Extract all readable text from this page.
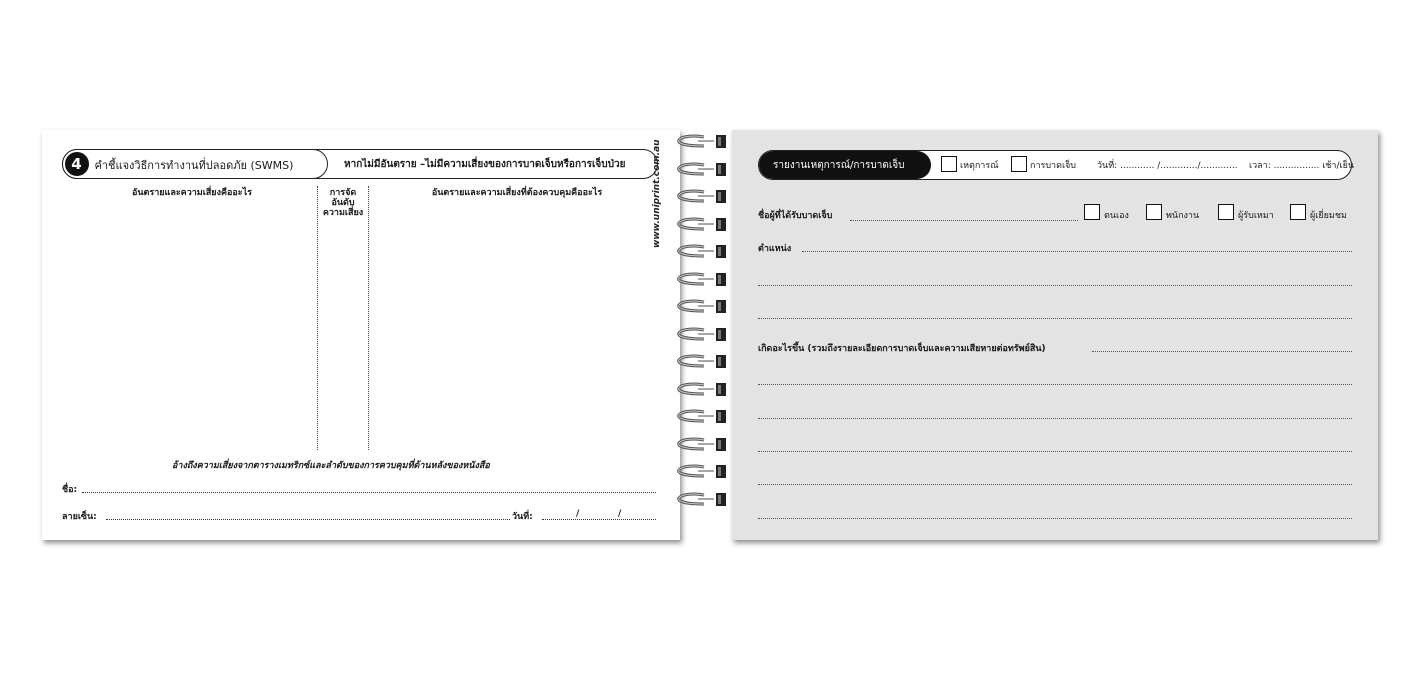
4	คำชี้แจงวิธีการทำงานที่ปลอดภัย (SWMS)	หากไม่มีอันตราย –ไม่มีความเสี่ยงของการบาดเจ็บหรือการเจ็บป่วย
อันตรายและความเสี่ยงคืออะไร	การจัด
อันดับ
ความเสี่ยง
อันตรายและความเสี่ยงที่ต้องควบคุมคืออะไร
อ้างถึงความเสี่ยงจากตารางเมทริกซ์และลำดับของการควบคุมที่ด้านหลังของหนังสือ
ชื่อ:
ลายเซ็น:	วันที่:	/	/
www.uniprint.com.au	รายงานเหตุการณ์/การบาดเจ็บ	เหตุการณ์	การบาดเจ็บ วันที่: ............ /............./............. เวลา: ................ เช้า/เย็น
ชื่อผู้ที่ได้รับบาดเจ็บ	ตนเอง	พนักงาน	ผู้รับเหมา	ผู้เยี่ยมชม
ตำแหน่ง
เกิดอะไรขึ้น (รวมถึงรายละเอียดการบาดเจ็บและความเสียหายต่อทรัพย์สิน)
